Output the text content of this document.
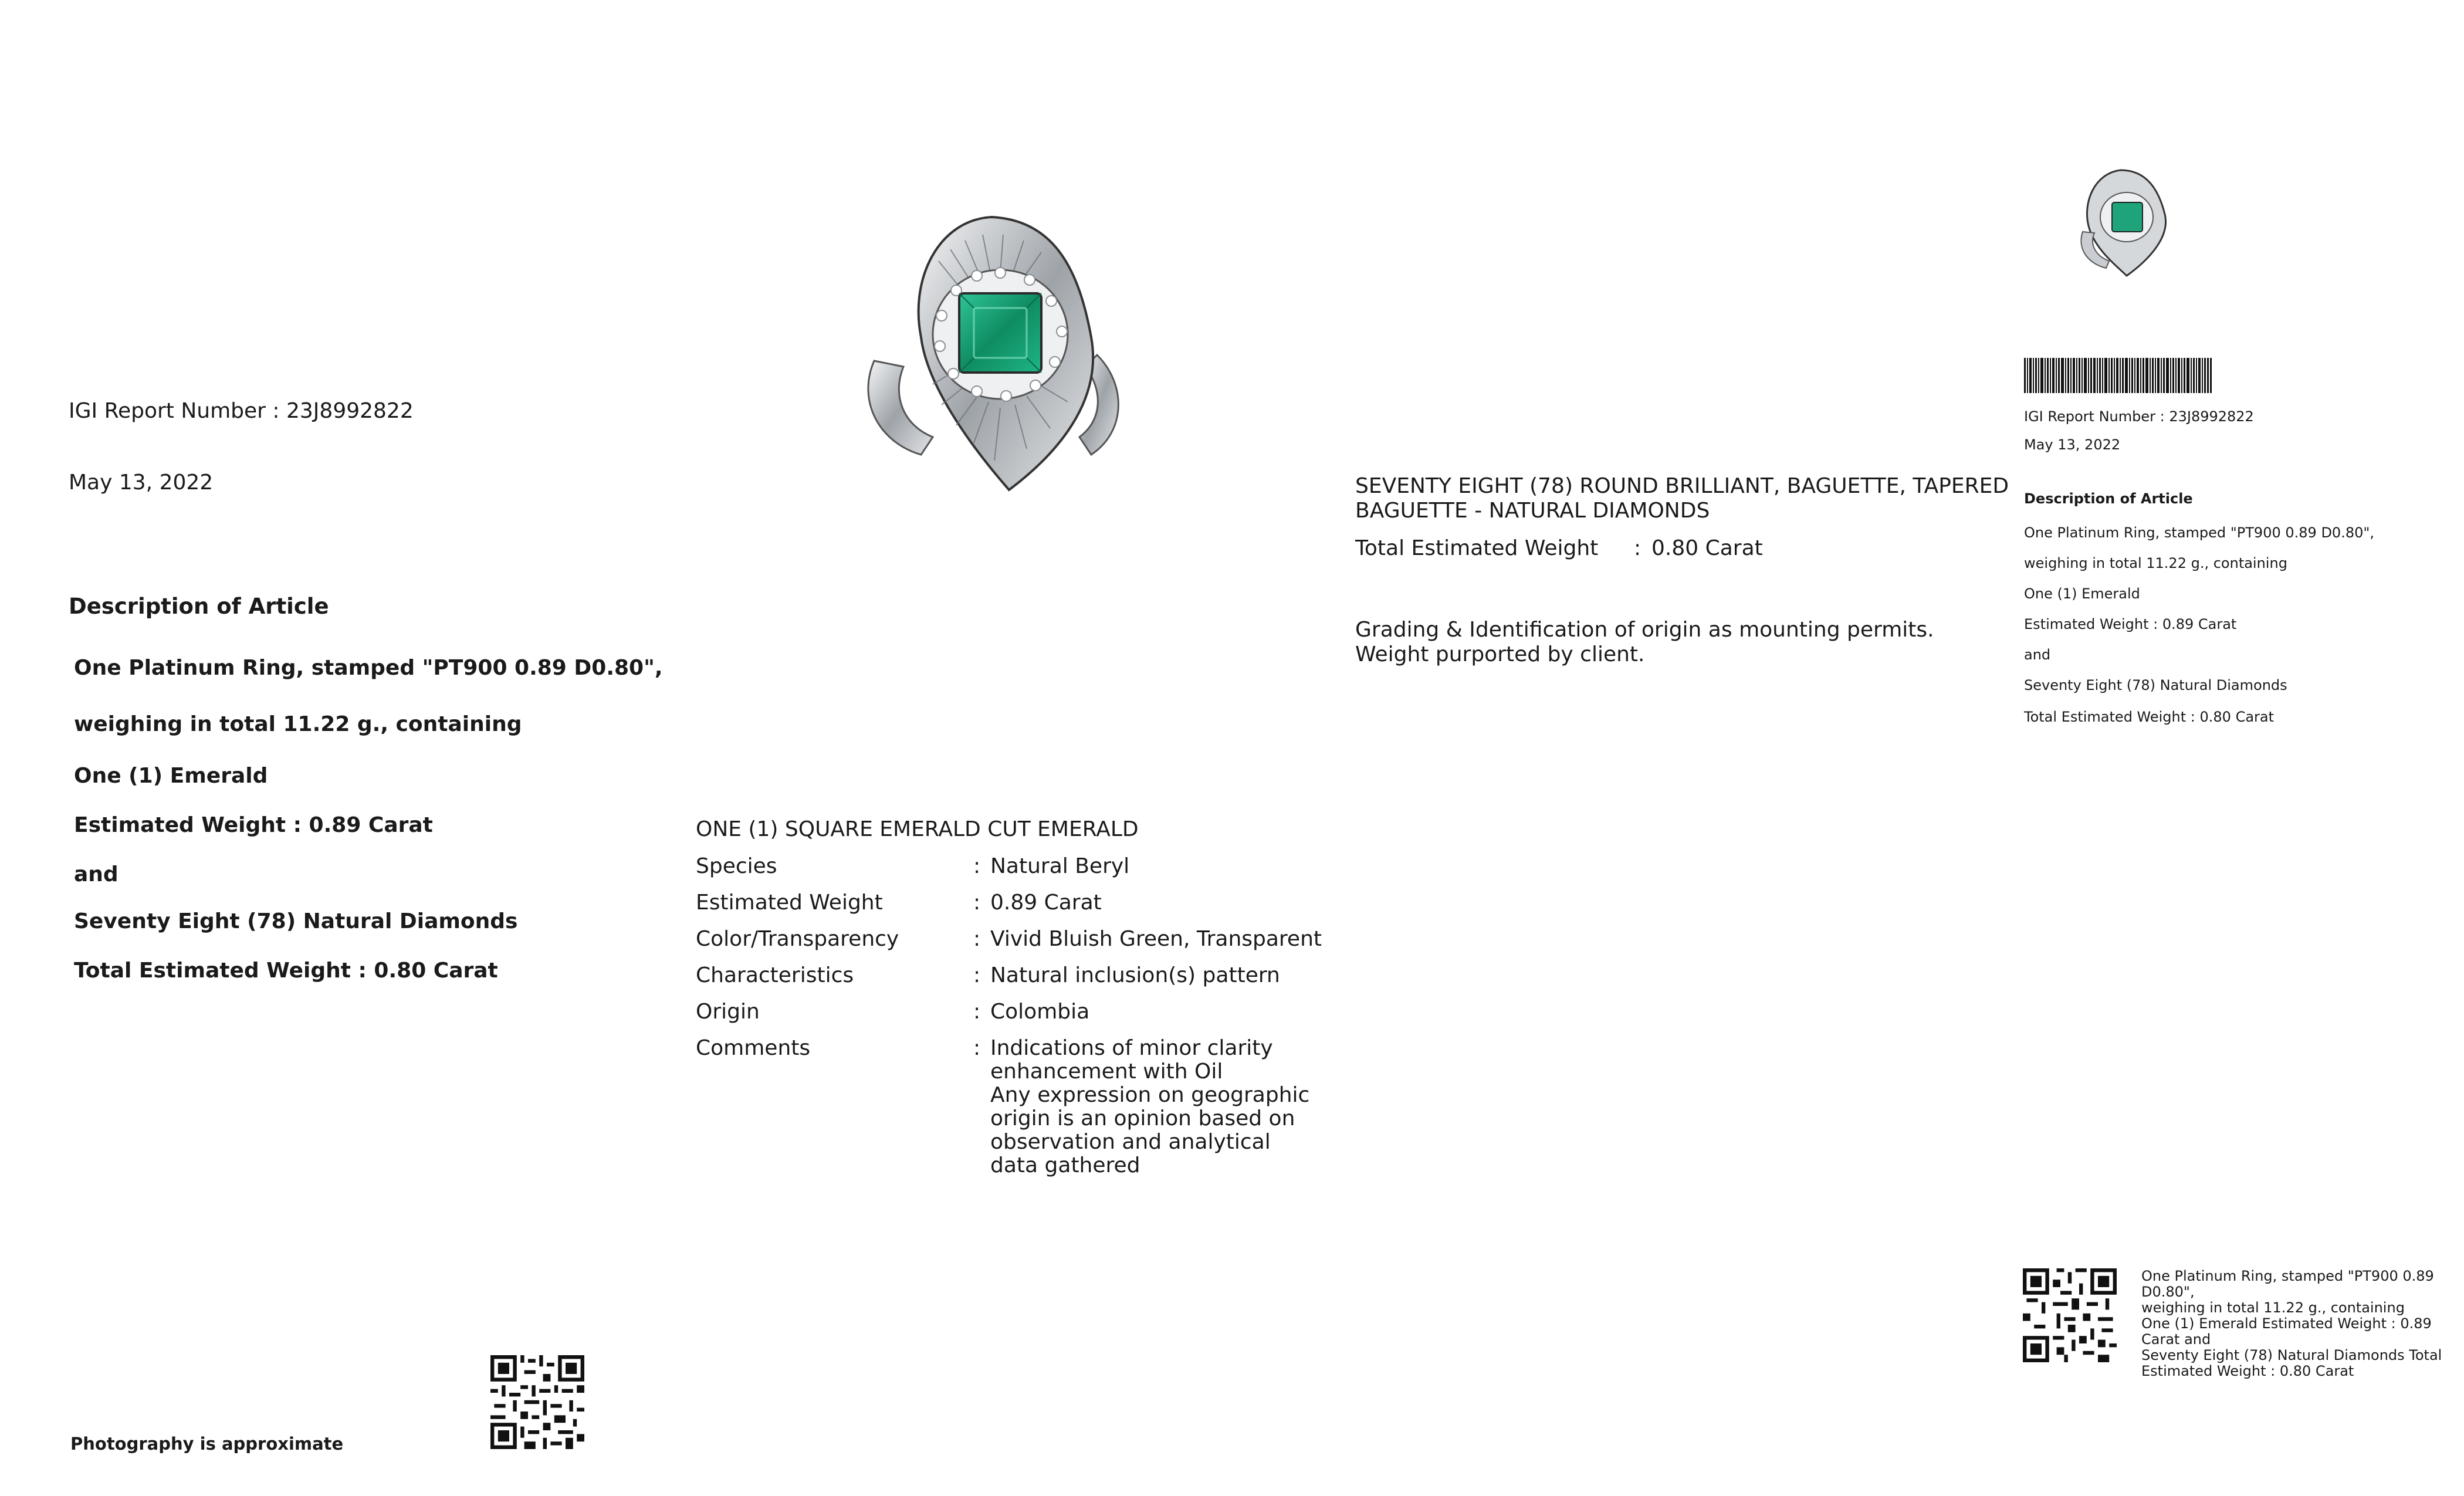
IGI Report Number : 23J8992822
May 13, 2022
Description of Article
One Platinum Ring, stamped "PT900 0.89 D0.80",
weighing in total 11.22 g., containing
One (1) Emerald
Estimated Weight : 0.89 Carat
and
Seventy Eight (78) Natural Diamonds
Total Estimated Weight : 0.80 Carat
Photography is approximate
ONE (1) SQUARE EMERALD CUT EMERALD
Species	: Natural Beryl
Estimated Weight	: 0.89 Carat
Color/Transparency	: Vivid Bluish Green, Transparent
Characteristics	: Natural inclusion(s) pattern
Origin	: Colombia
Comments	: Indications of minor clarity
enhancement with Oil
Any expression on geographic
origin is an opinion based on
observation and analytical
data gathered
SEVENTY EIGHT (78) ROUND BRILLIANT, BAGUETTE, TAPERED
BAGUETTE - NATURAL DIAMONDS
Total Estimated Weight : 0.80 Carat
Grading & Identification of origin as mounting permits.
Weight purported by client.
IGI Report Number : 23J8992822
May 13, 2022
Description of Article
One Platinum Ring, stamped "PT900 0.89 D0.80",
weighing in total 11.22 g., containing
One (1) Emerald
Estimated Weight : 0.89 Carat
and
Seventy Eight (78) Natural Diamonds
Total Estimated Weight : 0.80 Carat
One Platinum Ring, stamped "PT900 0.89 D0.80",
weighing in total 11.22 g., containing
One (1) Emerald Estimated Weight : 0.89 Carat and
Seventy Eight (78) Natural Diamonds Total Estimated Weight : 0.80 Carat
